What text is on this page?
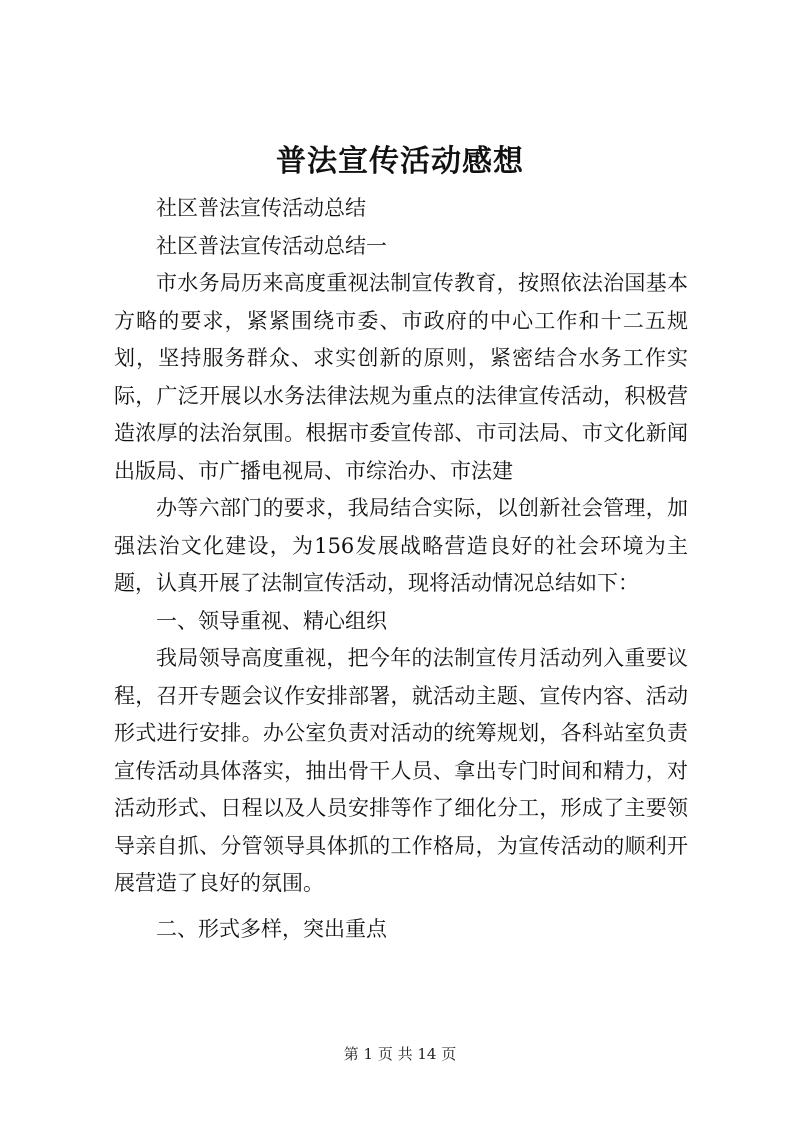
普法宣传活动感想

社区普法宣传活动总结

社区普法宣传活动总结一

市水务局历来高度重视法制宣传教育，按照依法治国基本方略的要求，紧紧围绕市委、市政府的中心工作和十二五规划，坚持服务群众、求实创新的原则，紧密结合水务工作实际，广泛开展以水务法律法规为重点的法律宣传活动，积极营造浓厚的法治氛围。根据市委宣传部、市司法局、市文化新闻出版局、市广播电视局、市综治办、市法建

办等六部门的要求，我局结合实际，以创新社会管理，加强法治文化建设，为156发展战略营造良好的社会环境为主题，认真开展了法制宣传活动，现将活动情况总结如下：

一、领导重视、精心组织

我局领导高度重视，把今年的法制宣传月活动列入重要议程，召开专题会议作安排部署，就活动主题、宣传内容、活动形式进行安排。办公室负责对活动的统筹规划，各科站室负责宣传活动具体落实，抽出骨干人员、拿出专门时间和精力，对活动形式、日程以及人员安排等作了细化分工，形成了主要领导亲自抓、分管领导具体抓的工作格局，为宣传活动的顺利开展营造了良好的氛围。

二、形式多样，突出重点

第 1 页 共 14 页
